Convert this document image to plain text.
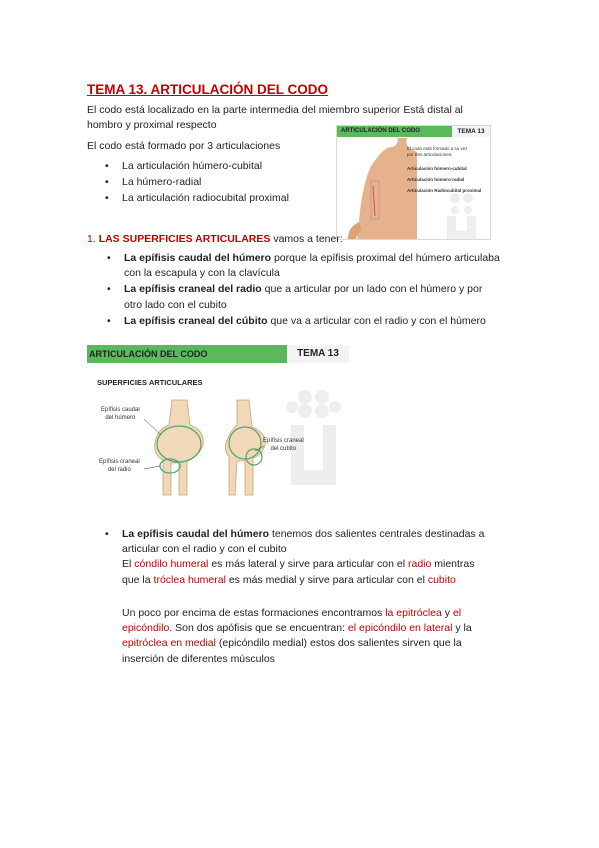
TEMA 13. ARTICULACIÓN DEL CODO
El codo está localizado en la parte intermedia del miembro superior Está distal al
hombro y proximal respecto
El codo está formado por 3 articulaciones
• La articulación húmero-cubital
• La húmero-radial
• La articulación radiocubital proximal
ARTICULACIÓN DEL CODO	TEMA 13
El codo está formado a su vez
por tres articulaciones:
Articulación húmero-cubital
Articulación húmero-radial
Articulación Radiocubital proximal
1. LAS SUPERFICIES ARTICULARES vamos a tener:
• La epífisis caudal del húmero porque la epífisis proximal del húmero articulaba
con la escapula y con la clavícula
• La epífisis craneal del radio que a articular por un lado con el húmero y por
otro lado con el cubito
• La epífisis craneal del cúbito que va a articular con el radio y con el húmero
ARTICULACIÓN DEL CODO	TEMA 13
SUPERFICIES ARTICULARES
Epífisis caudal
del húmero
Epífisis craneal
del radio
Epífisis craneal
del cubito
• La epífisis caudal del húmero tenemos dos salientes centrales destinadas a
articular con el radio y con el cubito
El cóndilo humeral es más lateral y sirve para articular con el radio mientras
que la tróclea humeral es más medial y sirve para articular con el cubito
Un poco por encima de estas formaciones encontramos la epitróclea y el
epicóndilo. Son dos apófisis que se encuentran: el epicóndilo en lateral y la
epitróclea en medial (epicóndilo medial) estos dos salientes sirven que la
inserción de diferentes músculos
